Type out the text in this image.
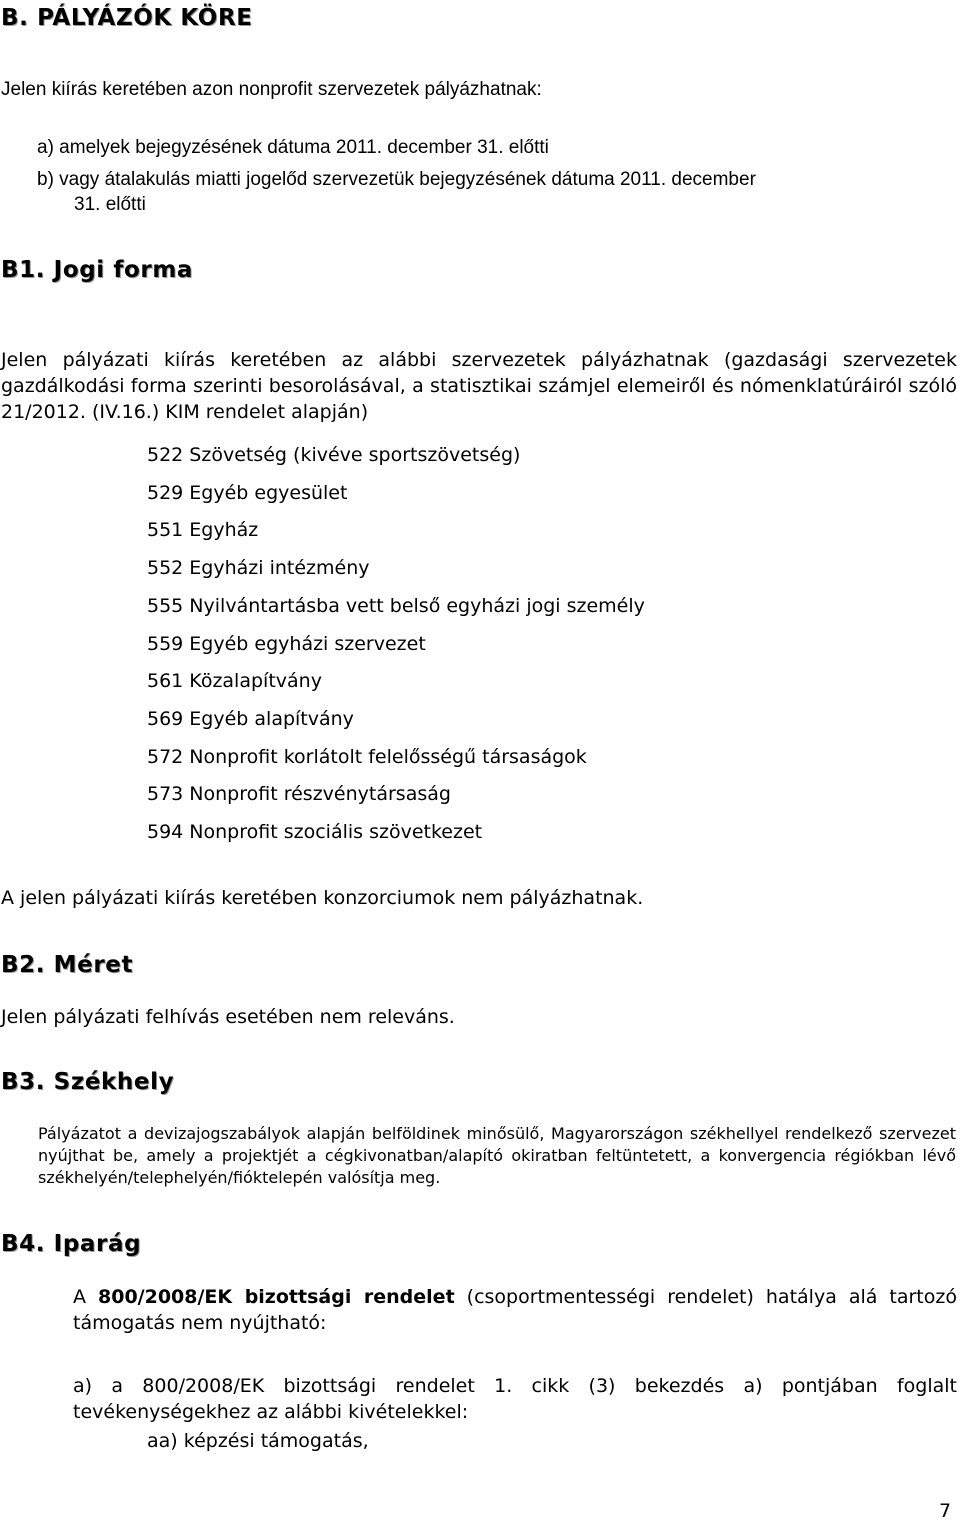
B. PÁLYÁZÓK KÖRE
Jelen kiírás keretében azon nonprofit szervezetek pályázhatnak:
a) amelyek bejegyzésének dátuma 2011. december 31. előtti
b) vagy átalakulás miatti jogelőd szervezetük bejegyzésének dátuma 2011. december
31. előtti
B1. Jogi forma

Jelen pályázati kiírás keretében az alábbi szervezetek pályázhatnak (gazdasági szervezetek gazdálkodási forma szerinti besorolásával, a statisztikai számjel elemeiről és nómenklatúráiról szóló 21/2012. (IV.16.) KIM rendelet alapján)

522 Szövetség (kivéve sportszövetség)
529 Egyéb egyesület
551 Egyház
552 Egyházi intézmény
555 Nyilvántartásba vett belső egyházi jogi személy
559 Egyéb egyházi szervezet
561 Közalapítvány
569 Egyéb alapítvány
572 Nonprofit korlátolt felelősségű társaságok
573 Nonprofit részvénytársaság
594 Nonprofit szociális szövetkezet
A jelen pályázati kiírás keretében konzorciumok nem pályázhatnak.
B2. Méret
Jelen pályázati felhívás esetében nem releváns.
B3. Székhely

Pályázatot a devizajogszabályok alapján belföldinek minősülő, Magyarországon székhellyel rendelkező szervezet nyújthat be, amely a projektjét a cégkivonatban/alapító okiratban feltüntetett, a konvergencia régiókban lévő székhelyén/telephelyén/fióktelepén valósítja meg.

B4. Iparág

A 800/2008/EK bizottsági rendelet (csoportmentességi rendelet) hatálya alá tartozó támogatás nem nyújtható:

a) a 800/2008/EK bizottsági rendelet 1. cikk (3) bekezdés a) pontjában foglalt tevékenységekhez az alábbi kivételekkel:

aa) képzési támogatás,
7
